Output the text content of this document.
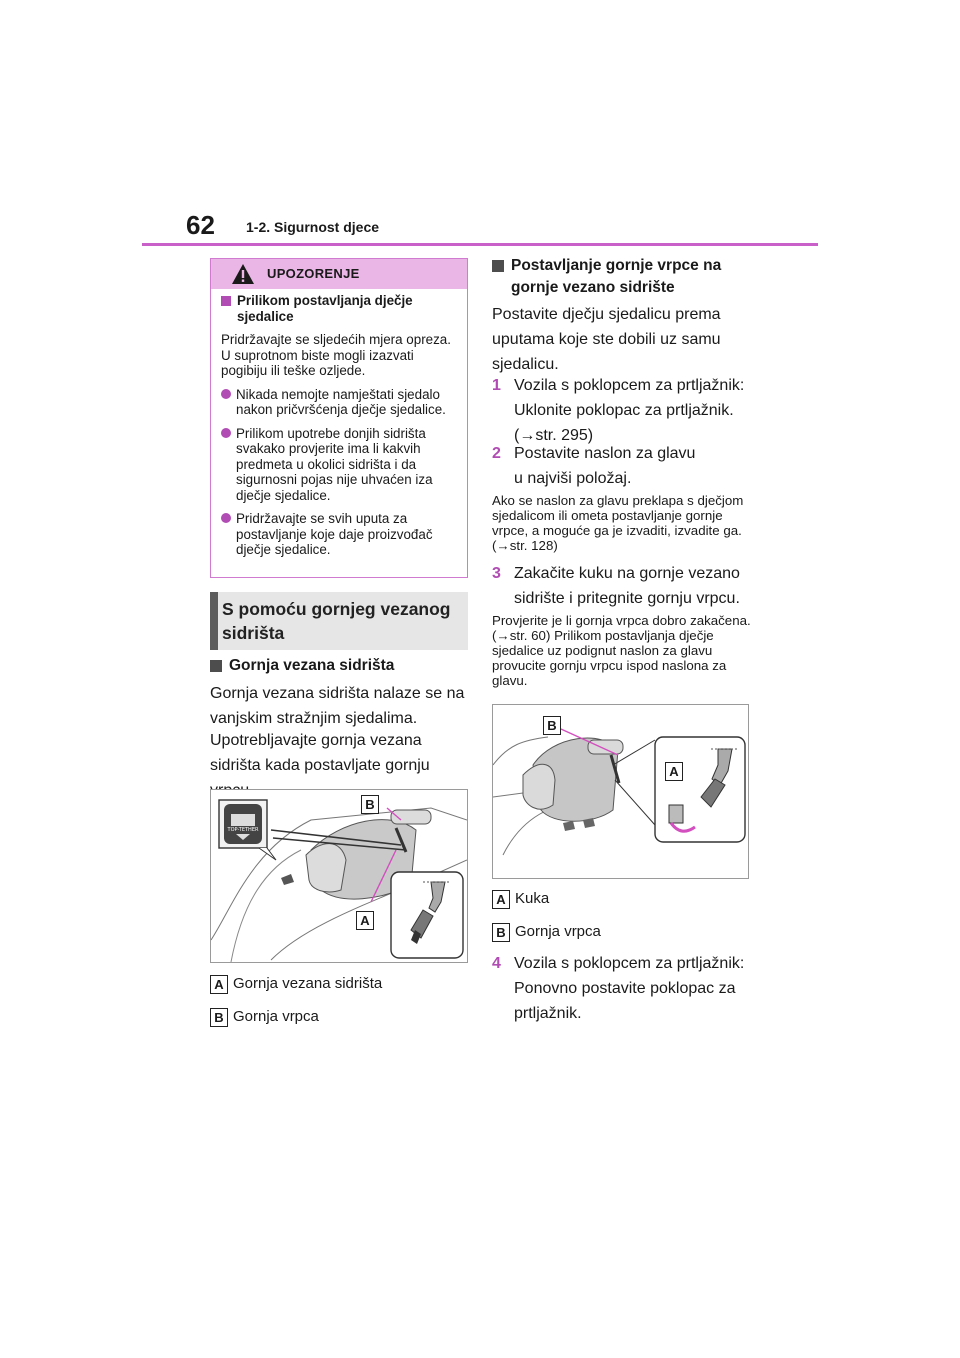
62 1-2. Sigurnost djece
UPOZORENJE
Prilikom postavljanja dječje sjedalice
Pridržavajte se sljedećih mjera opreza. U suprotnom biste mogli izazvati pogibiju ili teške ozljede.
Nikada nemojte namještati sjedalo nakon pričvršćenja dječje sjedalice.
Prilikom upotrebe donjih sidrišta svakako provjerite ima li kakvih predmeta u okolici sidrišta i da sigurnosni pojas nije uhvaćen iza dječje sjedalice.
Pridržavajte se svih uputa za postavljanje koje daje proizvođač dječje sjedalice.
S pomoću gornjeg vezanog sidrišta
Gornja vezana sidrišta
Gornja vezana sidrišta nalaze se na vanjskim stražnjim sjedalima.
Upotrebljavajte gornja vezana sidrišta kada postavljate gornju
TOP-TETHER
B
A
A Gornja vezana sidrišta
B Gornja vrpca
Postavljanje gornje vrpce na gornje vezano sidrište
Postavite dječju sjedalicu prema uputama koje ste dobili uz samu sjedalicu.
1 Vozila s poklopcem za prtljažnik: Uklonite poklopac za prtljažnik. (→str. 295)
2 Postavite naslon za glavu u najviši položaj.
Ako se naslon za glavu preklapa s dječjom sjedalicom ili ometa postavljanje gornje vrpce, a moguće ga je izvaditi, izvadite ga. (→str. 128)
3 Zakačite kuku na gornje vezano sidrište i pritegnite gornju vrpcu.
Provjerite je li gornja vrpca dobro zakačena. (→str. 60) Prilikom postavljanja dječje sjedalice uz podignut naslon za glavu provucite gornju vrpcu ispod naslona za glavu.
B
A
A Kuka
B Gornja vrpca
4 Vozila s poklopcem za prtljažnik: Ponovno postavite poklopac za prtljažnik.
